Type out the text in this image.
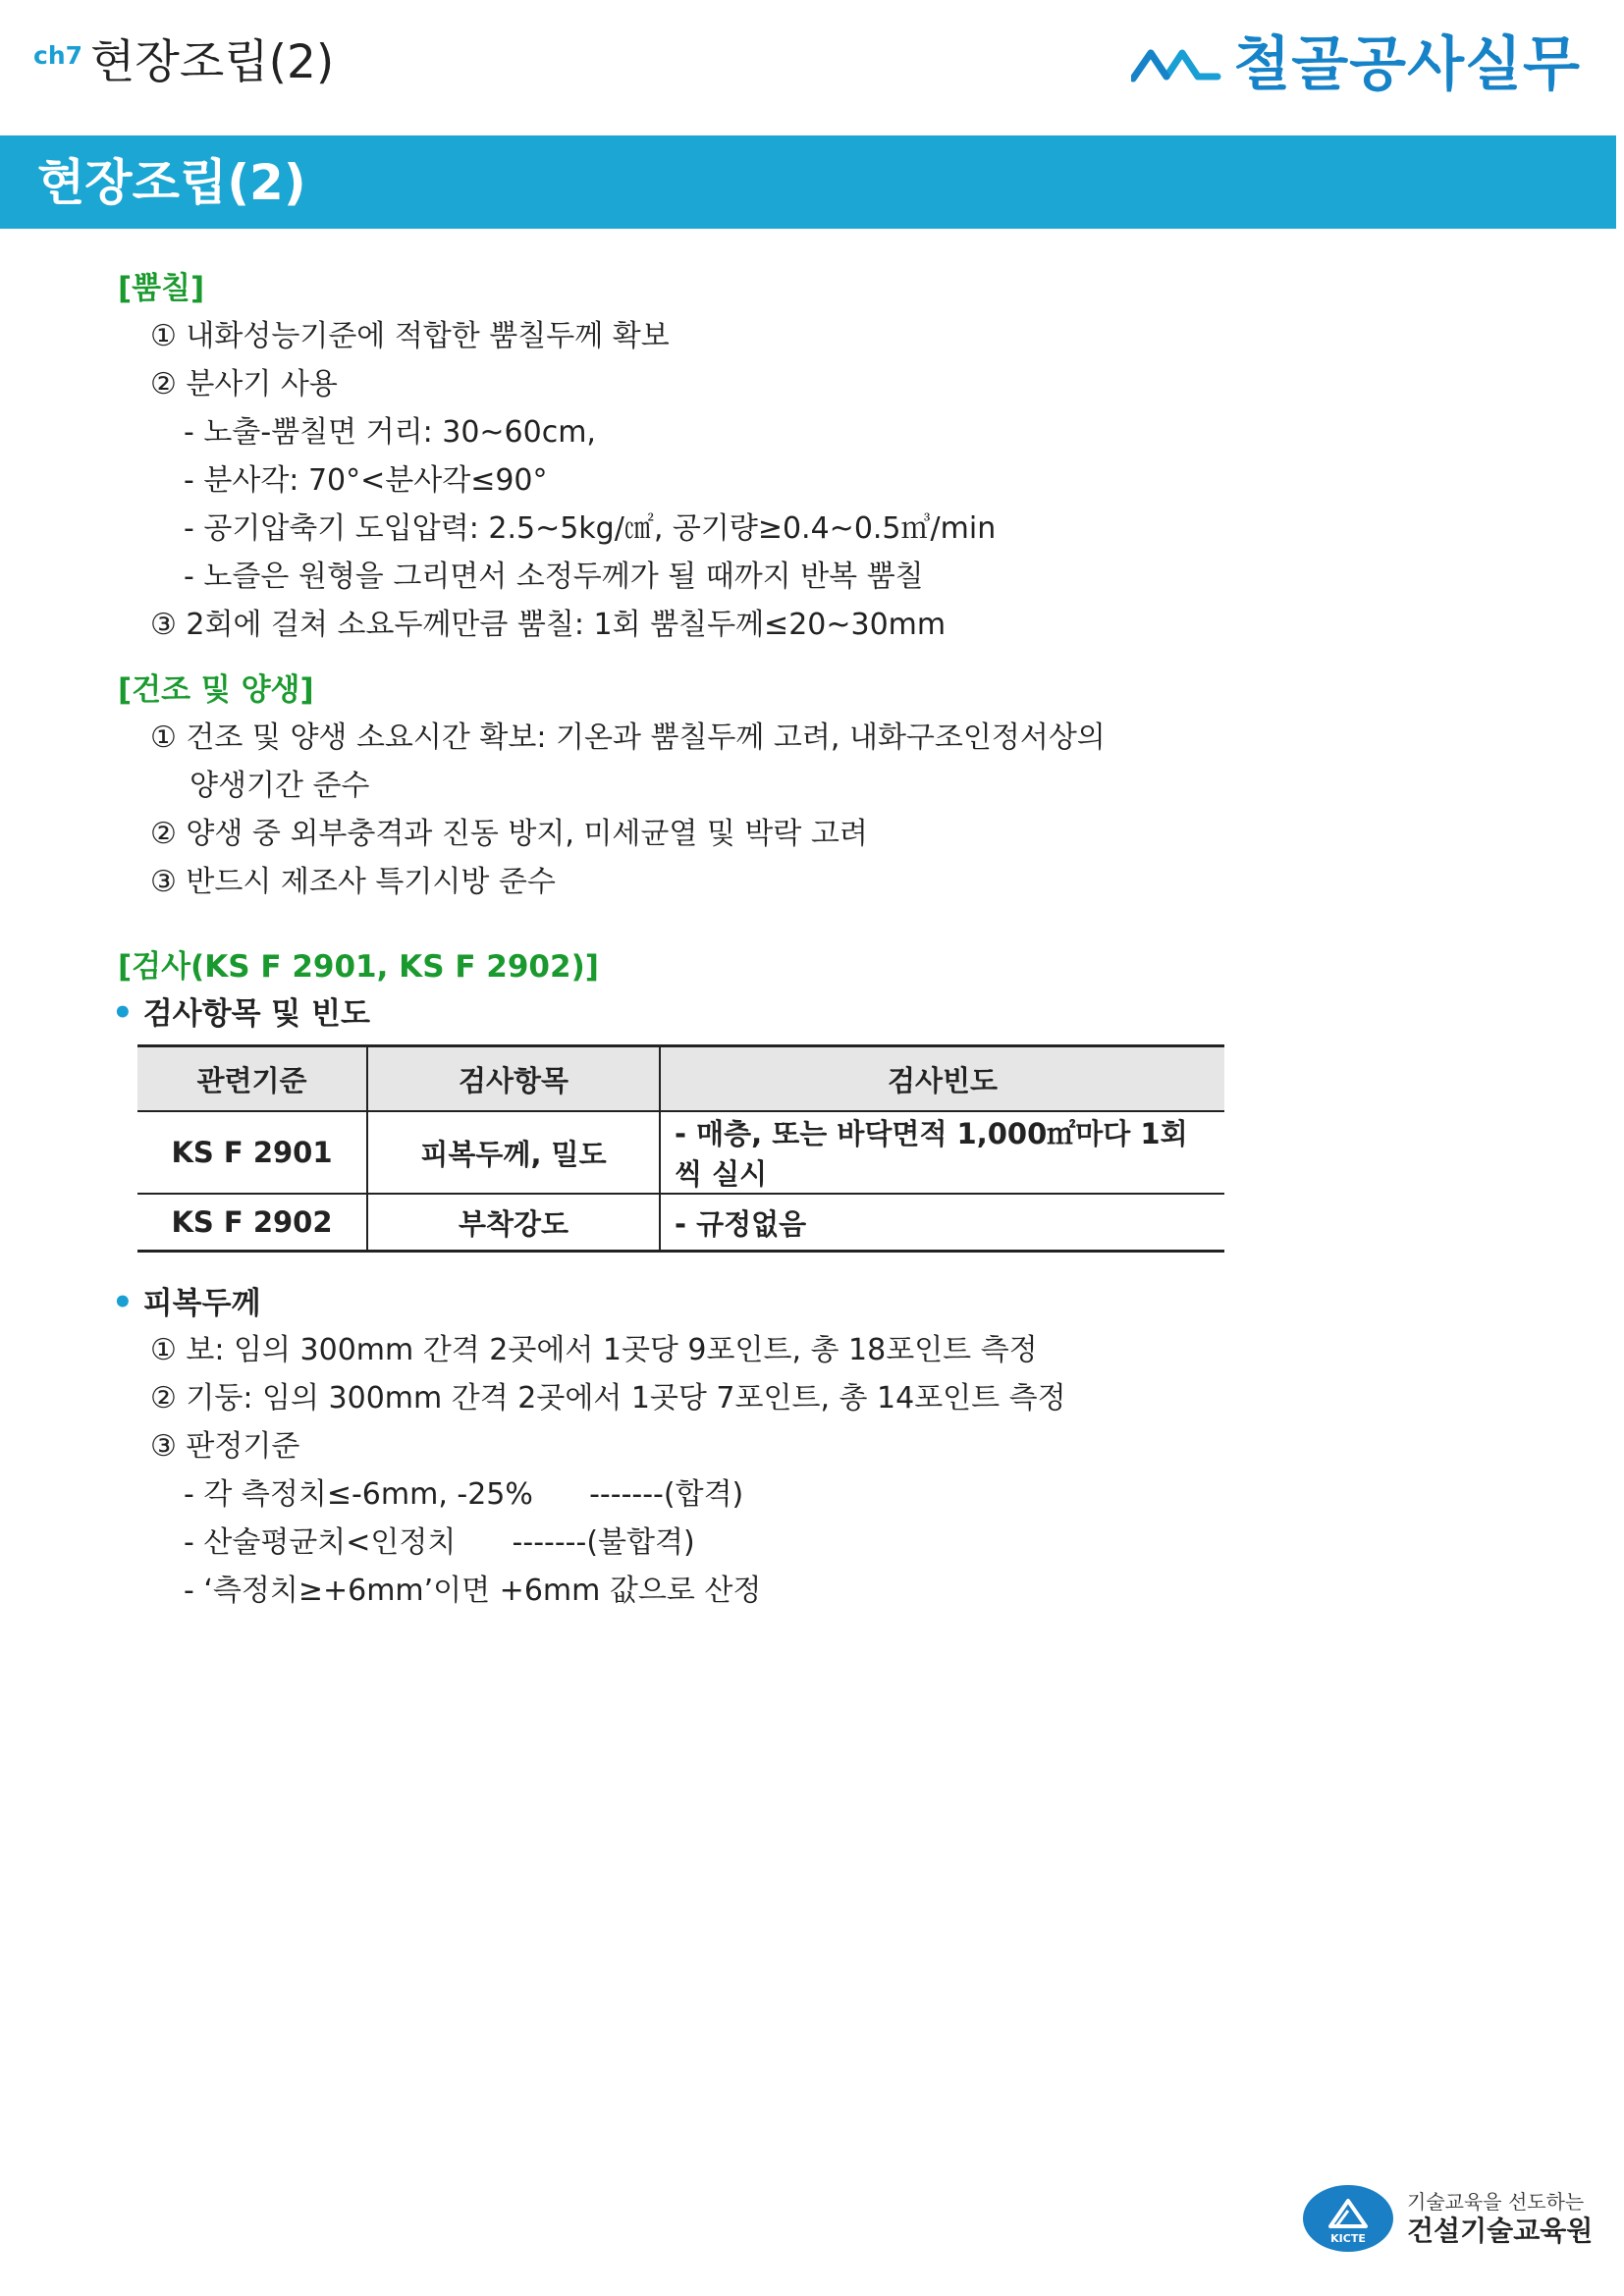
ch7 현장조립(2)	철골공사실무
현장조립(2)
[뿜칠]
① 내화성능기준에 적합한 뿜칠두께 확보
② 분사기 사용
- 노출-뿜칠면 거리: 30~60cm,
- 분사각: 70°<분사각≤90°
- 공기압축기 도입압력: 2.5~5kg/㎠, 공기량≥0.4~0.5㎥/min
- 노즐은 원형을 그리면서 소정두께가 될 때까지 반복 뿜칠
③ 2회에 걸쳐 소요두께만큼 뿜칠: 1회 뿜칠두께≤20~30mm
[건조 및 양생]
① 건조 및 양생 소요시간 확보: 기온과 뿜칠두께 고려, 내화구조인정서상의
양생기간 준수
② 양생 중 외부충격과 진동 방지, 미세균열 및 박락 고려
③ 반드시 제조사 특기시방 준수
[검사(KS F 2901, KS F 2902)]
• 검사항목 및 빈도
관련기준	검사항목	검사빈도
KS F 2901	피복두께, 밀도	- 매층, 또는 바닥면적 1,000㎡마다 1회씩 실시
KS F 2902	부착강도	- 규정없음
• 피복두께
① 보: 임의 300mm 간격 2곳에서 1곳당 9포인트, 총 18포인트 측정
② 기둥: 임의 300mm 간격 2곳에서 1곳당 7포인트, 총 14포인트 측정
③ 판정기준
- 각 측정치≤-6mm, -25%      -------(합격)
- 산술평균치<인정치      -------(불합격)
- ‘측정치≥+6mm’이면 +6mm 값으로 산정
KICTE
기술교육을 선도하는
건설기술교육원
